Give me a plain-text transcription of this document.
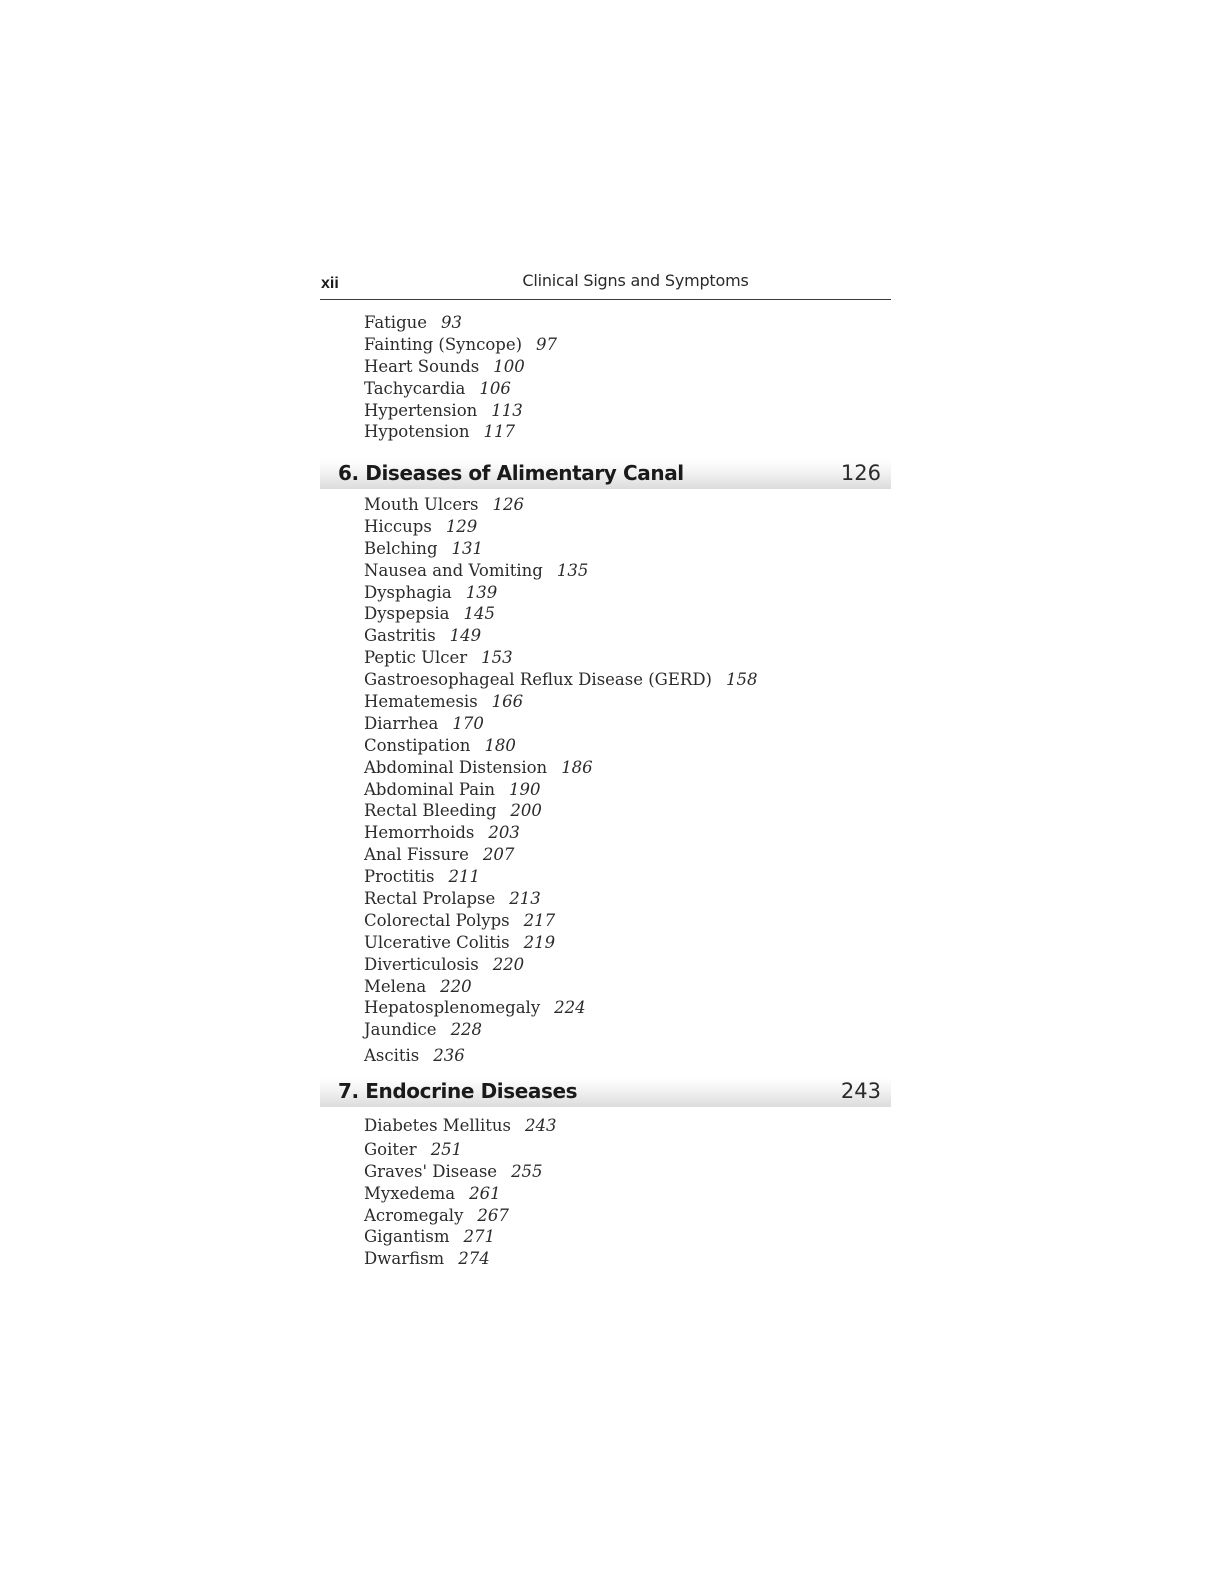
xii	Clinical Signs and Symptoms
Fatigue 93
Fainting (Syncope) 97
Heart Sounds 100
Tachycardia 106
Hypertension 113
Hypotension 117
6. Diseases of Alimentary Canal	126
Mouth Ulcers 126
Hiccups 129
Belching 131
Nausea and Vomiting 135
Dysphagia 139
Dyspepsia 145
Gastritis 149
Peptic Ulcer 153
Gastroesophageal Reflux Disease (GERD) 158
Hematemesis 166
Diarrhea 170
Constipation 180
Abdominal Distension 186
Abdominal Pain 190
Rectal Bleeding 200
Hemorrhoids 203
Anal Fissure 207
Proctitis 211
Rectal Prolapse 213
Colorectal Polyps 217
Ulcerative Colitis 219
Diverticulosis 220
Melena 220
Hepatosplenomegaly 224
Jaundice 228
Ascitis 236
7. Endocrine Diseases	243
Diabetes Mellitus 243
Goiter 251
Graves' Disease 255
Myxedema 261
Acromegaly 267
Gigantism 271
Dwarfism 274
